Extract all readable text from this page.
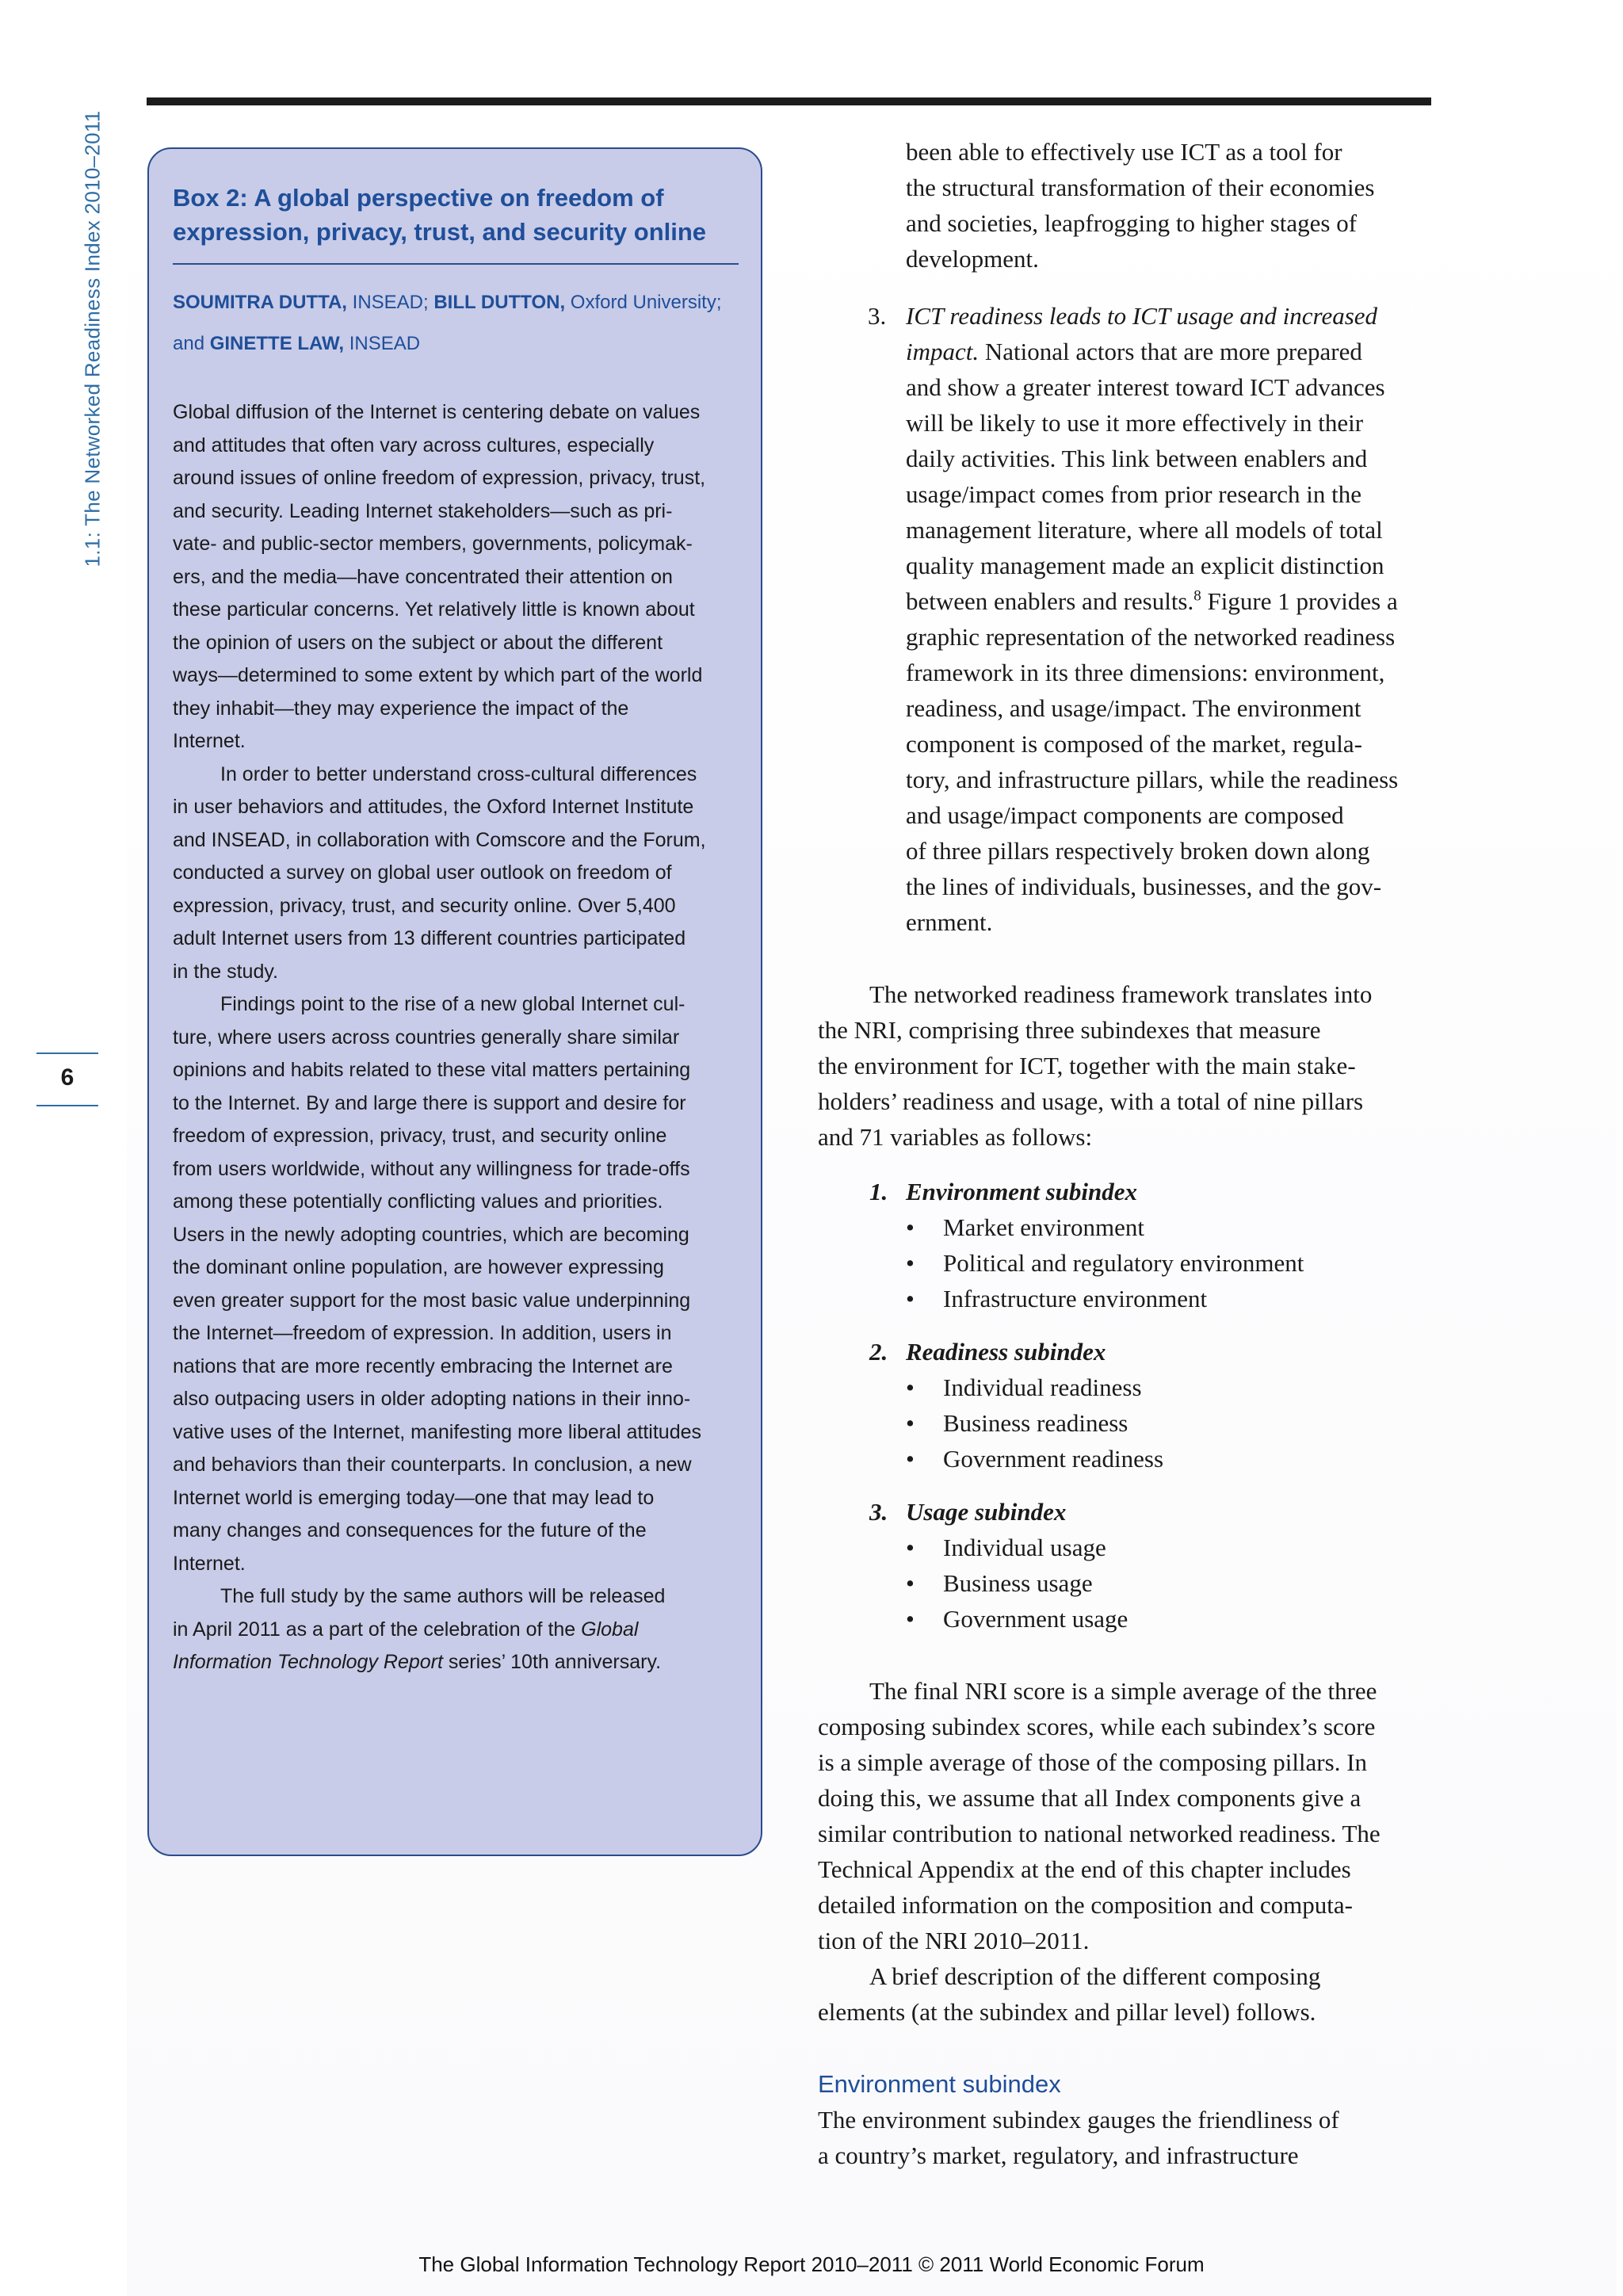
1.1: The Networked Readiness Index 2010–2011
6
Box 2: A global perspective on freedom of
expression, privacy, trust, and security online
SOUMITRA DUTTA, INSEAD; BILL DUTTON, Oxford University;
and GINETTE LAW, INSEAD
Global diffusion of the Internet is centering debate on values
and attitudes that often vary across cultures, especially
around issues of online freedom of expression, privacy, trust,
and security. Leading Internet stakeholders—such as pri-
vate- and public-sector members, governments, policymak-
ers, and the media—have concentrated their attention on
these particular concerns. Yet relatively little is known about
the opinion of users on the subject or about the different
ways—determined to some extent by which part of the world
they inhabit—they may experience the impact of the
Internet.
In order to better understand cross-cultural differences
in user behaviors and attitudes, the Oxford Internet Institute
and INSEAD, in collaboration with Comscore and the Forum,
conducted a survey on global user outlook on freedom of
expression, privacy, trust, and security online. Over 5,400
adult Internet users from 13 different countries participated
in the study.
Findings point to the rise of a new global Internet cul-
ture, where users across countries generally share similar
opinions and habits related to these vital matters pertaining
to the Internet. By and large there is support and desire for
freedom of expression, privacy, trust, and security online
from users worldwide, without any willingness for trade-offs
among these potentially conflicting values and priorities.
Users in the newly adopting countries, which are becoming
the dominant online population, are however expressing
even greater support for the most basic value underpinning
the Internet—freedom of expression. In addition, users in
nations that are more recently embracing the Internet are
also outpacing users in older adopting nations in their inno-
vative uses of the Internet, manifesting more liberal attitudes
and behaviors than their counterparts. In conclusion, a new
Internet world is emerging today—one that may lead to
many changes and consequences for the future of the
Internet.
The full study by the same authors will be released
in April 2011 as a part of the celebration of the Global
Information Technology Report series’ 10th anniversary.
been able to effectively use ICT as a tool for
the structural transformation of their economies
and societies, leapfrogging to higher stages of
development.
3. ICT readiness leads to ICT usage and increased
impact. National actors that are more prepared
and show a greater interest toward ICT advances
will be likely to use it more effectively in their
daily activities. This link between enablers and
usage/impact comes from prior research in the
management literature, where all models of total
quality management made an explicit distinction
between enablers and results.$^8$ Figure 1 provides a
graphic representation of the networked readiness
framework in its three dimensions: environment,
readiness, and usage/impact. The environment
component is composed of the market, regula-
tory, and infrastructure pillars, while the readiness
and usage/impact components are composed
of three pillars respectively broken down along
the lines of individuals, businesses, and the gov-
ernment.
The networked readiness framework translates into
the NRI, comprising three subindexes that measure
the environment for ICT, together with the main stake-
holders’ readiness and usage, with a total of nine pillars
and 71 variables as follows:
1. Environment subindex
• Market environment
• Political and regulatory environment
• Infrastructure environment
2. Readiness subindex
• Individual readiness
• Business readiness
• Government readiness
3. Usage subindex
• Individual usage
• Business usage
• Government usage
The final NRI score is a simple average of the three
composing subindex scores, while each subindex’s score
is a simple average of those of the composing pillars. In
doing this, we assume that all Index components give a
similar contribution to national networked readiness. The
Technical Appendix at the end of this chapter includes
detailed information on the composition and computa-
tion of the NRI 2010–2011.
A brief description of the different composing
elements (at the subindex and pillar level) follows.
The environment subindex gauges the friendliness of
a country’s market, regulatory, and infrastructure
Environment subindex
The Global Information Technology Report 2010–2011 © 2011 World Economic Forum
